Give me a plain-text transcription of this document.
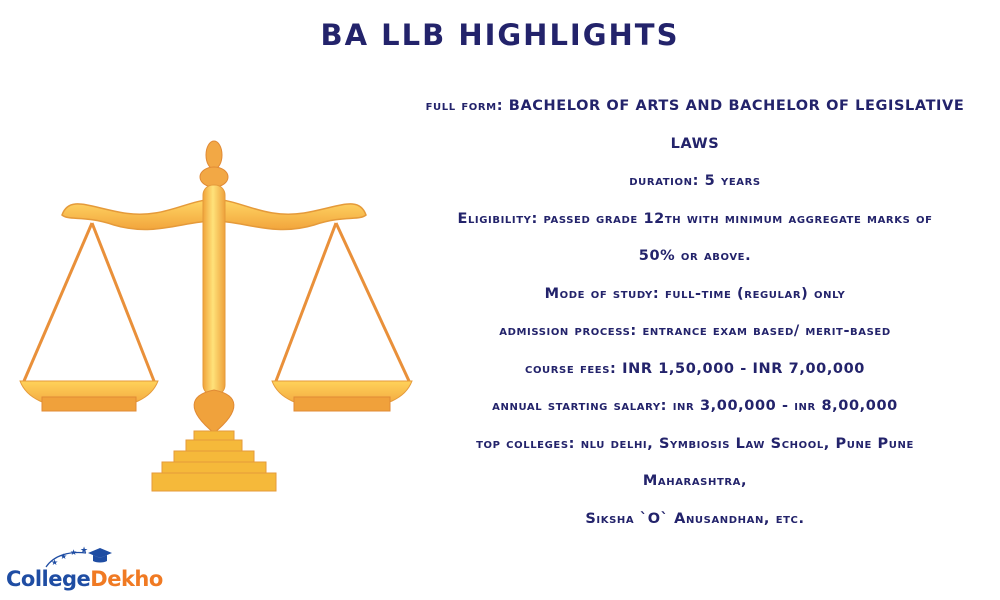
BA LLB HIGHLIGHTS
full form: BACHELOR OF ARTS AND BACHELOR OF LEGISLATIVE
LAWS
duration: 5 years
Eligibility: passed grade 12th with minimum aggregate marks of
50% or above.
Mode of study: full-time (regular) only
admission process: entrance exam based/ merit-based
course fees: INR 1,50,000 - INR 7,00,000
annual starting salary: inr 3,00,000 - inr 8,00,000
top colleges: nlu delhi, Symbiosis Law School, Pune Pune
Maharashtra,
Siksha `O` Anusandhan, etc.
★
★ ★ ★
CollegeDekho
